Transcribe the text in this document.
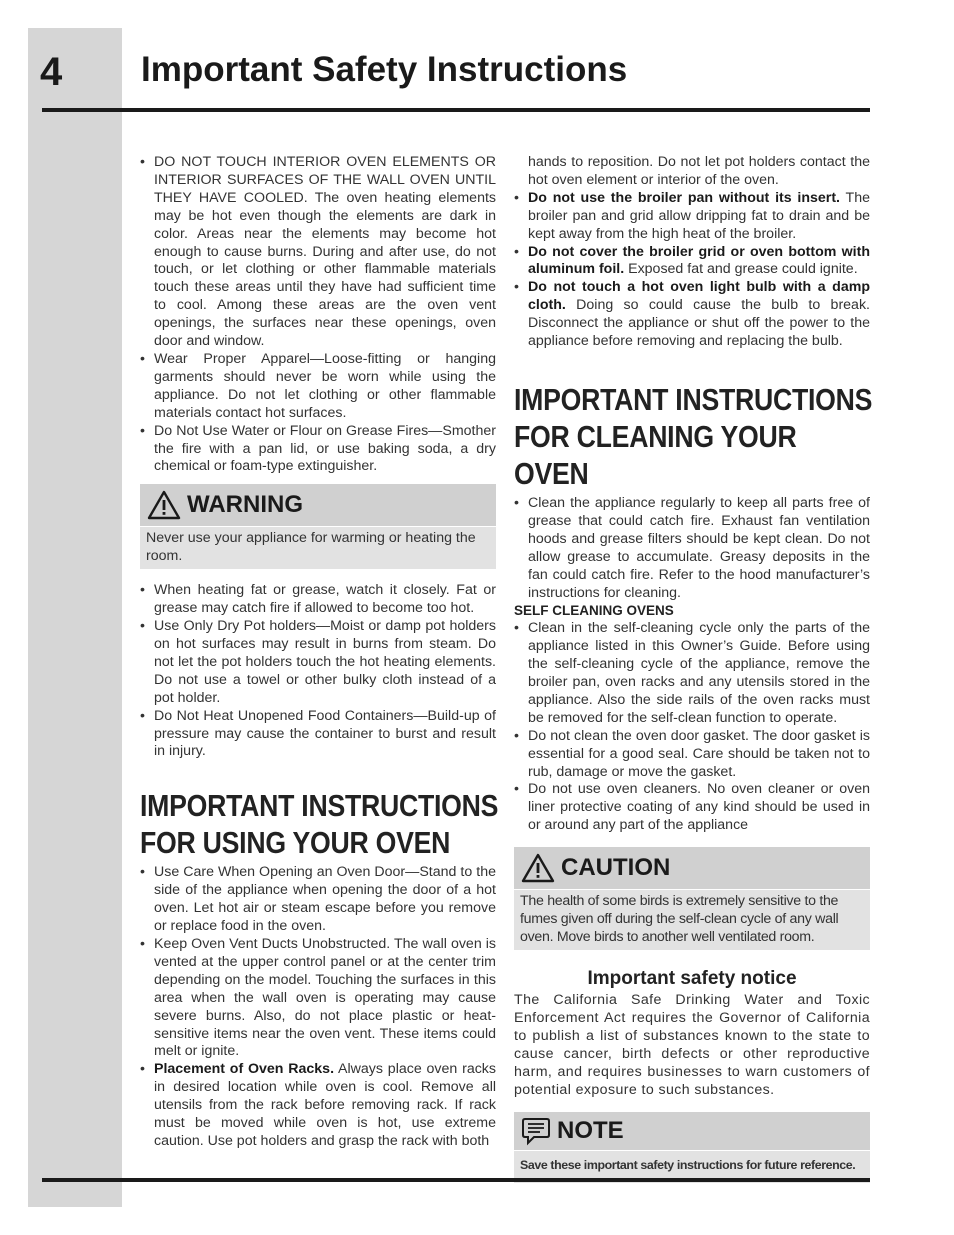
4 Important Safety Instructions
• DO NOT TOUCH INTERIOR OVEN ELEMENTS OR INTERIOR SURFACES OF THE WALL OVEN UNTIL THEY HAVE COOLED. The oven heating elements may be hot even though the elements are dark in color. Areas near the elements may become hot enough to cause burns. During and after use, do not touch, or let clothing or other flammable materials touch these areas until they have had sufficient time to cool. Among these areas are the oven vent openings, the surfaces near these openings, oven door and window.
• Wear Proper Apparel—Loose-fitting or hanging garments should never be worn while using the appliance. Do not let clothing or other flammable materials contact hot surfaces.
• Do Not Use Water or Flour on Grease Fires—Smother the fire with a pan lid, or use baking soda, a dry chemical or foam-type extinguisher.
WARNING
Never use your appliance for warming or heating the room.
• When heating fat or grease, watch it closely. Fat or grease may catch fire if allowed to become too hot.
• Use Only Dry Pot holders—Moist or damp pot holders on hot surfaces may result in burns from steam. Do not let the pot holders touch the hot heating elements. Do not use a towel or other bulky cloth instead of a pot holder.
• Do Not Heat Unopened Food Containers—Build-up of pressure may cause the container to burst and result in injury.
IMPORTANT INSTRUCTIONS
FOR USING YOUR OVEN
• Use Care When Opening an Oven Door—Stand to the side of the appliance when opening the door of a hot oven. Let hot air or steam escape before you remove or replace food in the oven.
• Keep Oven Vent Ducts Unobstructed. The wall oven is vented at the upper control panel or at the center trim depending on the model. Touching the surfaces in this area when the wall oven is operating may cause severe burns. Also, do not place plastic or heat-sensitive items near the oven vent. These items could melt or ignite.
• Placement of Oven Racks. Always place oven racks in desired location while oven is cool. Remove all utensils from the rack before removing rack. If rack must be moved while oven is hot, use extreme caution. Use pot holders and grasp the rack with both
hands to reposition. Do not let pot holders contact the hot oven element or interior of the oven.
• Do not use the broiler pan without its insert. The broiler pan and grid allow dripping fat to drain and be kept away from the high heat of the broiler.
• Do not cover the broiler grid or oven bottom with aluminum foil. Exposed fat and grease could ignite.
• Do not touch a hot oven light bulb with a damp cloth. Doing so could cause the bulb to break. Disconnect the appliance or shut off the power to the appliance before removing and replacing the bulb.
IMPORTANT INSTRUCTIONS
FOR CLEANING YOUR OVEN
• Clean the appliance regularly to keep all parts free of grease that could catch fire. Exhaust fan ventilation hoods and grease filters should be kept clean. Do not allow grease to accumulate. Greasy deposits in the fan could catch fire. Refer to the hood manufacturer’s instructions for cleaning.
SELF CLEANING OVENS
• Clean in the self-cleaning cycle only the parts of the appliance listed in this Owner’s Guide. Before using the self-cleaning cycle of the appliance, remove the broiler pan, oven racks and any utensils stored in the appliance. Also the side rails of the oven racks must be removed for the self-clean function to operate.
• Do not clean the oven door gasket. The door gasket is essential for a good seal. Care should be taken not to rub, damage or move the gasket.
• Do not use oven cleaners. No oven cleaner or oven liner protective coating of any kind should be used in or around any part of the appliance
CAUTION
The health of some birds is extremely sensitive to the fumes given off during the self-clean cycle of any wall oven. Move birds to another well ventilated room.
Important safety notice

The California Safe Drinking Water and Toxic Enforcement Act requires the Governor of California to publish a list of substances known to the state to cause cancer, birth defects or other reproductive harm, and requires businesses to warn customers of potential exposure to such substances.

NOTE
Save these important safety instructions for future reference.
